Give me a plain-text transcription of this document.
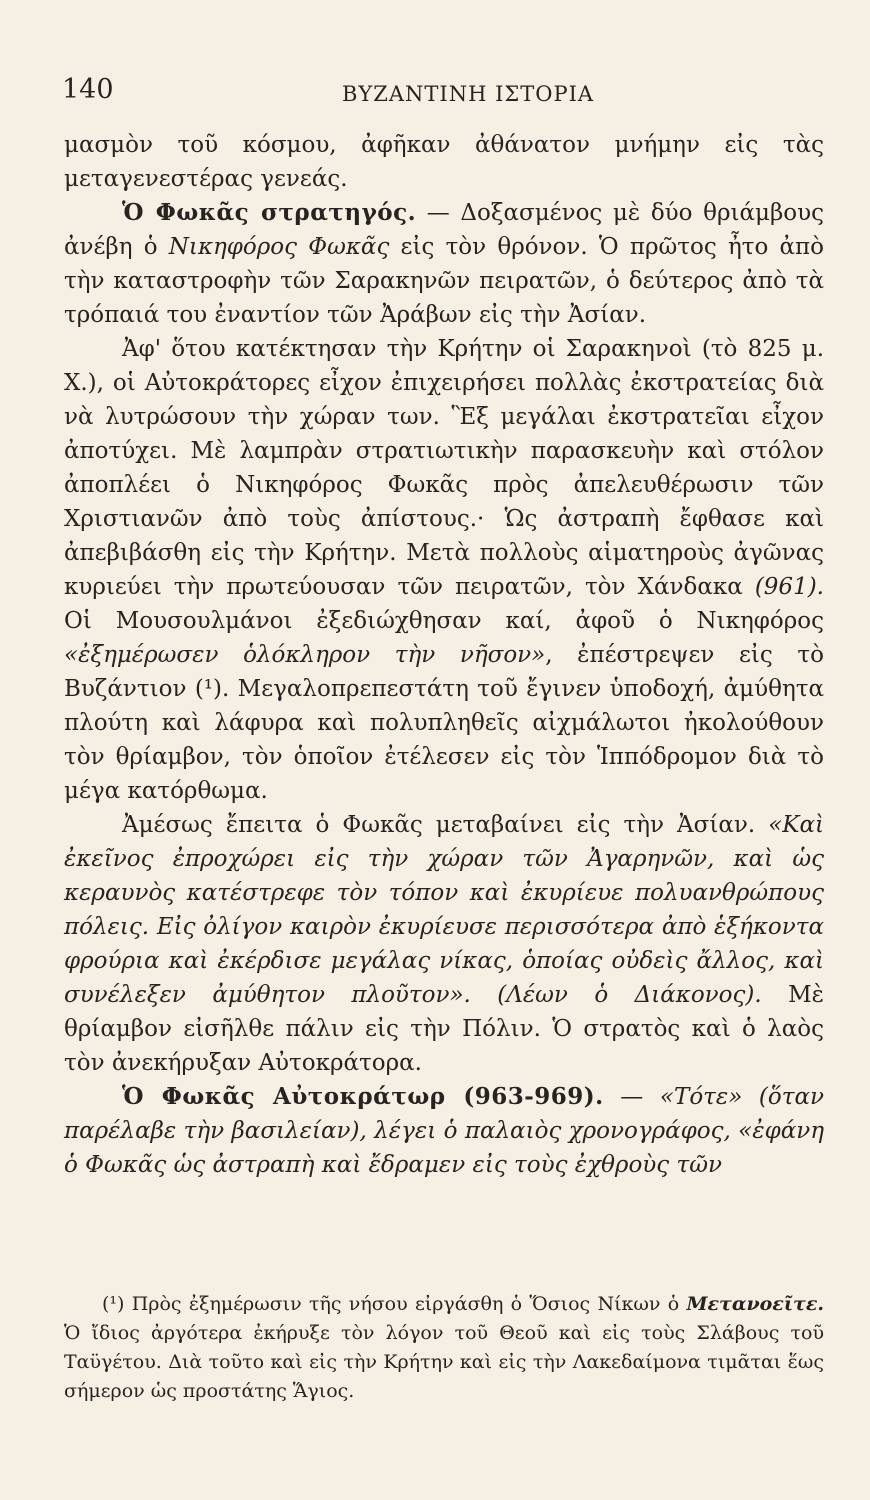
140	ΒΥΖΑΝΤΙΝΗ ΙΣΤΟΡΙΑ

μασμὸν τοῦ κόσμου, ἀφῆκαν ἀθάνατον μνήμην εἰς τὰς μεταγενεστέρας γενεάς.

Ὁ Φωκᾶς στρατηγός. — Δοξασμένος μὲ δύο θριάμβους ἀνέβη ὁ Νικηφόρος Φωκᾶς εἰς τὸν θρόνον. Ὁ πρῶτος ἦτο ἀπὸ τὴν καταστροφὴν τῶν Σαρακηνῶν πειρατῶν, ὁ δεύτερος ἀπὸ τὰ τρόπαιά του ἐναντίον τῶν Ἀράβων εἰς τὴν Ἀσίαν.

Ἀφ' ὅτου κατέκτησαν τὴν Κρήτην οἱ Σαρακηνοὶ (τὸ 825 μ. Χ.), οἱ Αὐτοκράτορες εἶχον ἐπιχειρήσει πολλὰς ἐκστρατείας διὰ νὰ λυτρώσουν τὴν χώραν των. Ἓξ μεγάλαι ἐκστρατεῖαι εἶχον ἀποτύχει. Μὲ λαμπρὰν στρατιωτικὴν παρασκευὴν καὶ στόλον ἀποπλέει ὁ Νικηφόρος Φωκᾶς πρὸς ἀπελευθέρωσιν τῶν Χριστιανῶν ἀπὸ τοὺς ἀπίστους.· Ὡς ἀστραπὴ ἔφθασε καὶ ἀπεβιβάσθη εἰς τὴν Κρήτην. Μετὰ πολλοὺς αἱματηροὺς ἀγῶνας κυριεύει τὴν πρωτεύουσαν τῶν πειρατῶν, τὸν Χάνδακα (961). Οἱ Μουσουλμάνοι ἐξεδιώχθησαν καί, ἀφοῦ ὁ Νικηφόρος «ἐξημέρωσεν ὁλόκληρον τὴν νῆσον», ἐπέστρεψεν εἰς τὸ Βυζάντιον (¹). Μεγαλοπρεπεστάτη τοῦ ἔγινεν ὑποδοχή, ἀμύθητα πλούτη καὶ λάφυρα καὶ πολυπληθεῖς αἰχμάλωτοι ἠκολούθουν τὸν θρίαμβον, τὸν ὁποῖον ἐτέλεσεν εἰς τὸν Ἱππόδρομον διὰ τὸ μέγα κατόρθωμα.

Ἀμέσως ἔπειτα ὁ Φωκᾶς μεταβαίνει εἰς τὴν Ἀσίαν. «Καὶ ἐκεῖνος ἐπροχώρει εἰς τὴν χώραν τῶν Ἀγαρηνῶν, καὶ ὡς κεραυνὸς κατέστρεφε τὸν τόπον καὶ ἐκυρίευε πολυανθρώπους πόλεις. Εἰς ὀλίγον καιρὸν ἐκυρίευσε περισσότερα ἀπὸ ἑξήκοντα φρούρια καὶ ἐκέρδισε μεγάλας νίκας, ὁποίας οὐδεὶς ἄλλος, καὶ συνέλεξεν ἀμύθητον πλοῦτον». (Λέων ὁ Διάκονος). Μὲ θρίαμβον εἰσῆλθε πάλιν εἰς τὴν Πόλιν. Ὁ στρατὸς καὶ ὁ λαὸς τὸν ἀνεκήρυξαν Αὐτοκράτορα.

Ὁ Φωκᾶς Αὐτοκράτωρ (963-969). — «Τότε» (ὅταν παρέλαβε τὴν βασιλείαν), λέγει ὁ παλαιὸς χρονογράφος, «ἐφάνη ὁ Φωκᾶς ὡς ἀστραπὴ καὶ ἔδραμεν εἰς τοὺς ἐχθροὺς τῶν

(¹) Πρὸς ἐξημέρωσιν τῆς νήσου εἰργάσθη ὁ Ὅσιος Νίκων ὁ Μετανοεῖτε. Ὁ ἴδιος ἀργότερα ἐκήρυξε τὸν λόγον τοῦ Θεοῦ καὶ εἰς τοὺς Σλάβους τοῦ Ταϋγέτου. Διὰ τοῦτο καὶ εἰς τὴν Κρήτην καὶ εἰς τὴν Λακεδαίμονα τιμᾶται ἕως σήμερον ὡς προστάτης Ἅγιος.
